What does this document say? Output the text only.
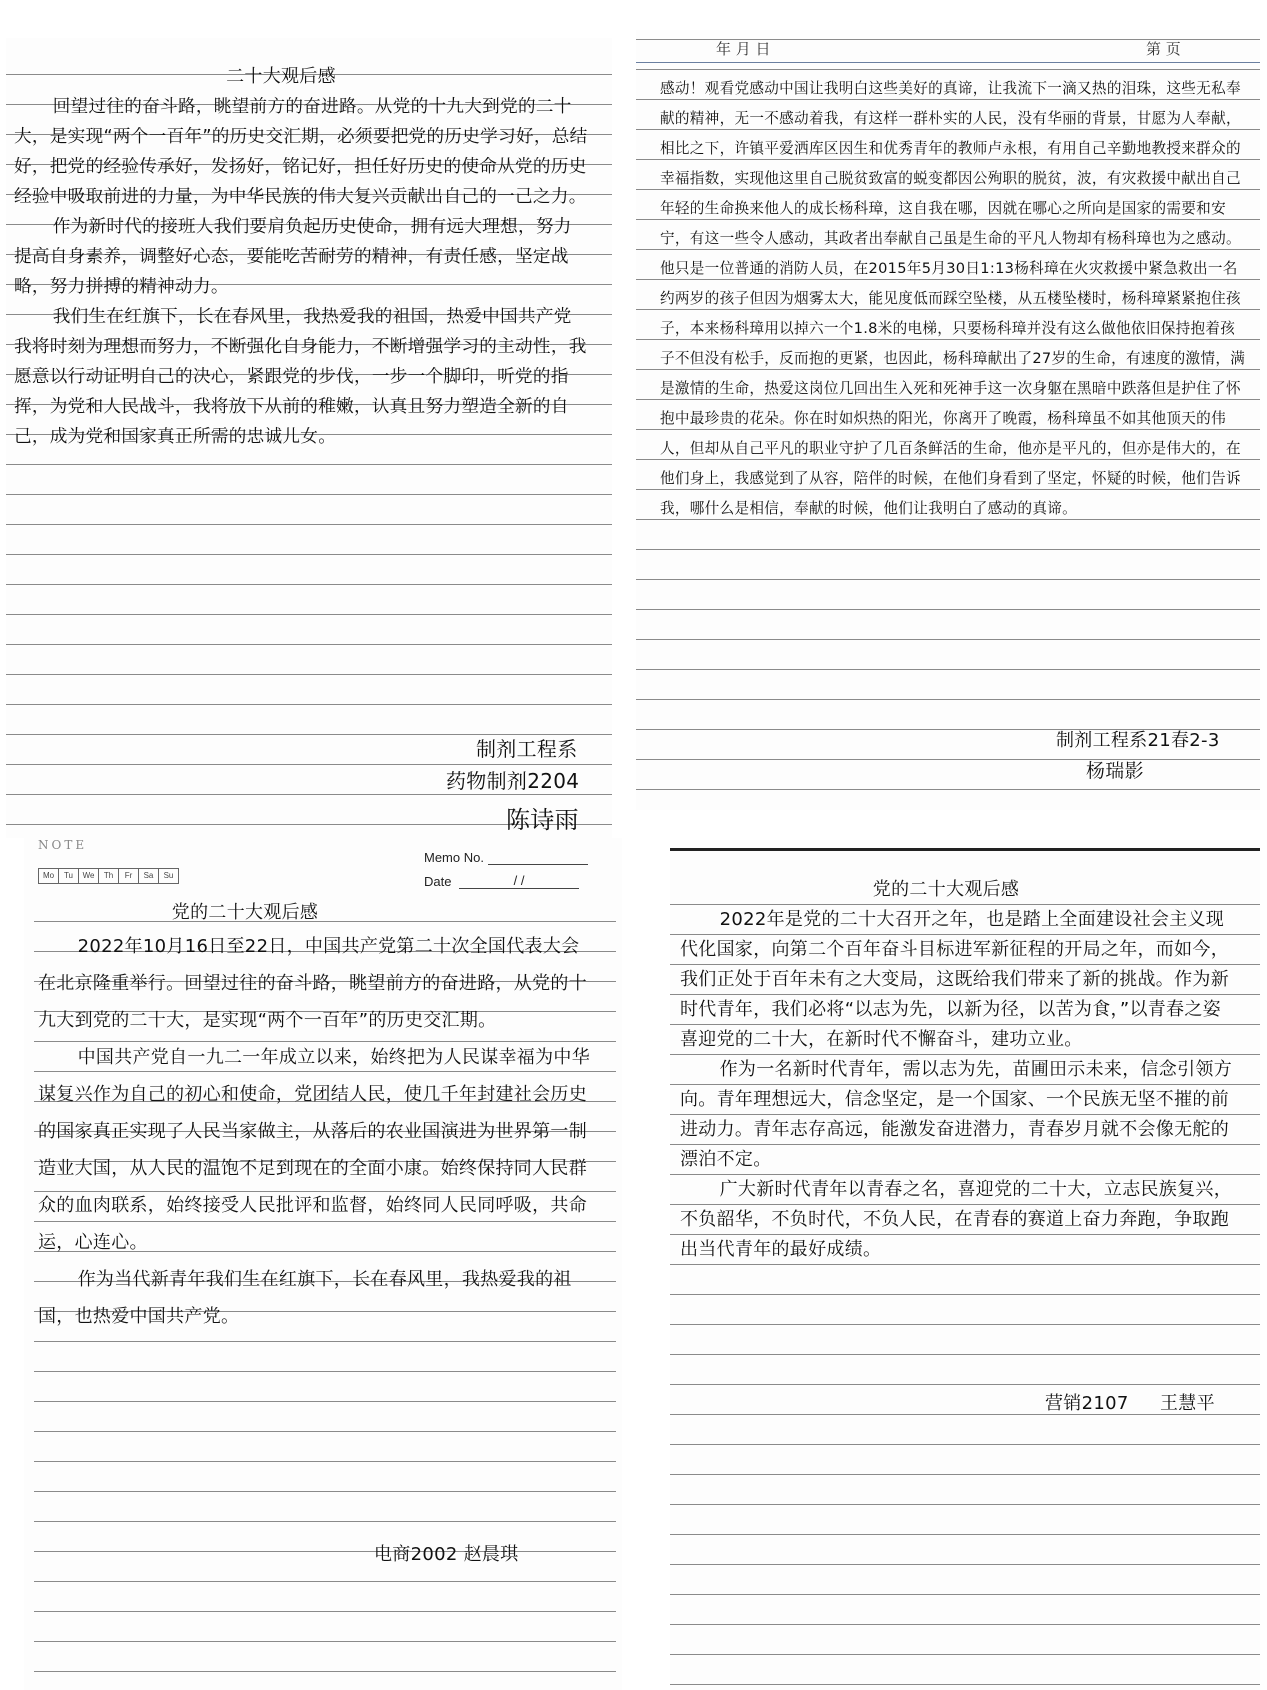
二十大观后感

回望过往的奋斗路，眺望前方的奋进路。从党的十九大到党的二十大，是实现“两个一百年”的历史交汇期，必须要把党的历史学习好，总结好，把党的经验传承好，发扬好，铭记好，担任好历史的使命从党的历史经验中吸取前进的力量，为中华民族的伟大复兴贡献出自己的一己之力。

作为新时代的接班人我们要肩负起历史使命，拥有远大理想，努力提高自身素养，调整好心态，要能吃苦耐劳的精神，有责任感，坚定战略，努力拼搏的精神动力。

我们生在红旗下，长在春风里，我热爱我的祖国，热爱中国共产党我将时刻为理想而努力，不断强化自身能力，不断增强学习的主动性，我愿意以行动证明自己的决心，紧跟党的步伐，一步一个脚印，听党的指挥，为党和人民战斗，我将放下从前的稚嫩，认真且努力塑造全新的自己，成为党和国家真正所需的忠诚儿女。

制剂工程系
药物制剂2204
陈诗雨
年 月 日	第 页

感动！观看党感动中国让我明白这些美好的真谛，让我流下一滴又热的泪珠，这些无私奉献的精神，无一不感动着我，有这样一群朴实的人民，没有华丽的背景，甘愿为人奉献，相比之下，许镇平爱洒库区因生和优秀青年的教师卢永根，有用自己辛勤地教授来群众的幸福指数，实现他这里自己脱贫致富的蜕变都因公殉职的脱贫，波，有灾救援中献出自己年轻的生命换来他人的成长杨科璋，这自我在哪，因就在哪心之所向是国家的需要和安宁，有这一些令人感动，其政者出奉献自己虽是生命的平凡人物却有杨科璋也为之感动。他只是一位普通的消防人员，在2015年5月30日1:13杨科璋在火灾救援中紧急救出一名约两岁的孩子但因为烟雾太大，能见度低而踩空坠楼，从五楼坠楼时，杨科璋紧紧抱住孩子，本来杨科璋用以掉六一个1.8米的电梯，只要杨科璋并没有这么做他依旧保持抱着孩子不但没有松手，反而抱的更紧，也因此，杨科璋献出了27岁的生命，有速度的激情，满是激情的生命，热爱这岗位几回出生入死和死神手这一次身躯在黑暗中跌落但是护住了怀抱中最珍贵的花朵。你在时如炽热的阳光，你离开了晚霞，杨科璋虽不如其他顶天的伟人，但却从自己平凡的职业守护了几百条鲜活的生命，他亦是平凡的，但亦是伟大的，在他们身上，我感觉到了从容，陪伴的时候，在他们身看到了坚定，怀疑的时候，他们告诉我，哪什么是相信，奉献的时候，他们让我明白了感动的真谛。

制剂工程系21春2-3
杨瑞影
NOTE
Mo	Tu	We	Th	Fr	Sa	Su
Memo No.
Date	/ /

党的二十大观后感

2022年10月16日至22日，中国共产党第二十次全国代表大会在北京隆重举行。回望过往的奋斗路，眺望前方的奋进路，从党的十九大到党的二十大，是实现“两个一百年”的历史交汇期。

中国共产党自一九二一年成立以来，始终把为人民谋幸福为中华谋复兴作为自己的初心和使命，党团结人民，使几千年封建社会历史的国家真正实现了人民当家做主，从落后的农业国演进为世界第一制造业大国，从人民的温饱不足到现在的全面小康。始终保持同人民群众的血肉联系，始终接受人民批评和监督，始终同人民同呼吸，共命运，心连心。

作为当代新青年我们生在红旗下，长在春风里，我热爱我的祖国，也热爱中国共产党。

电商2002 赵晨琪

党的二十大观后感

2022年是党的二十大召开之年，也是踏上全面建设社会主义现代化国家，向第二个百年奋斗目标进军新征程的开局之年，而如今，我们正处于百年未有之大变局，这既给我们带来了新的挑战。作为新时代青年，我们必将“以志为先，以新为径，以苦为食，”以青春之姿喜迎党的二十大，在新时代不懈奋斗，建功立业。

作为一名新时代青年，需以志为先，苗圃田示未来，信念引领方向。青年理想远大，信念坚定，是一个国家、一个民族无坚不摧的前进动力。青年志存高远，能激发奋进潜力，青春岁月就不会像无舵的漂泊不定。

广大新时代青年以青春之名，喜迎党的二十大，立志民族复兴，不负韶华，不负时代，不负人民，在青春的赛道上奋力奔跑，争取跑出当代青年的最好成绩。

营销2107 王慧平
